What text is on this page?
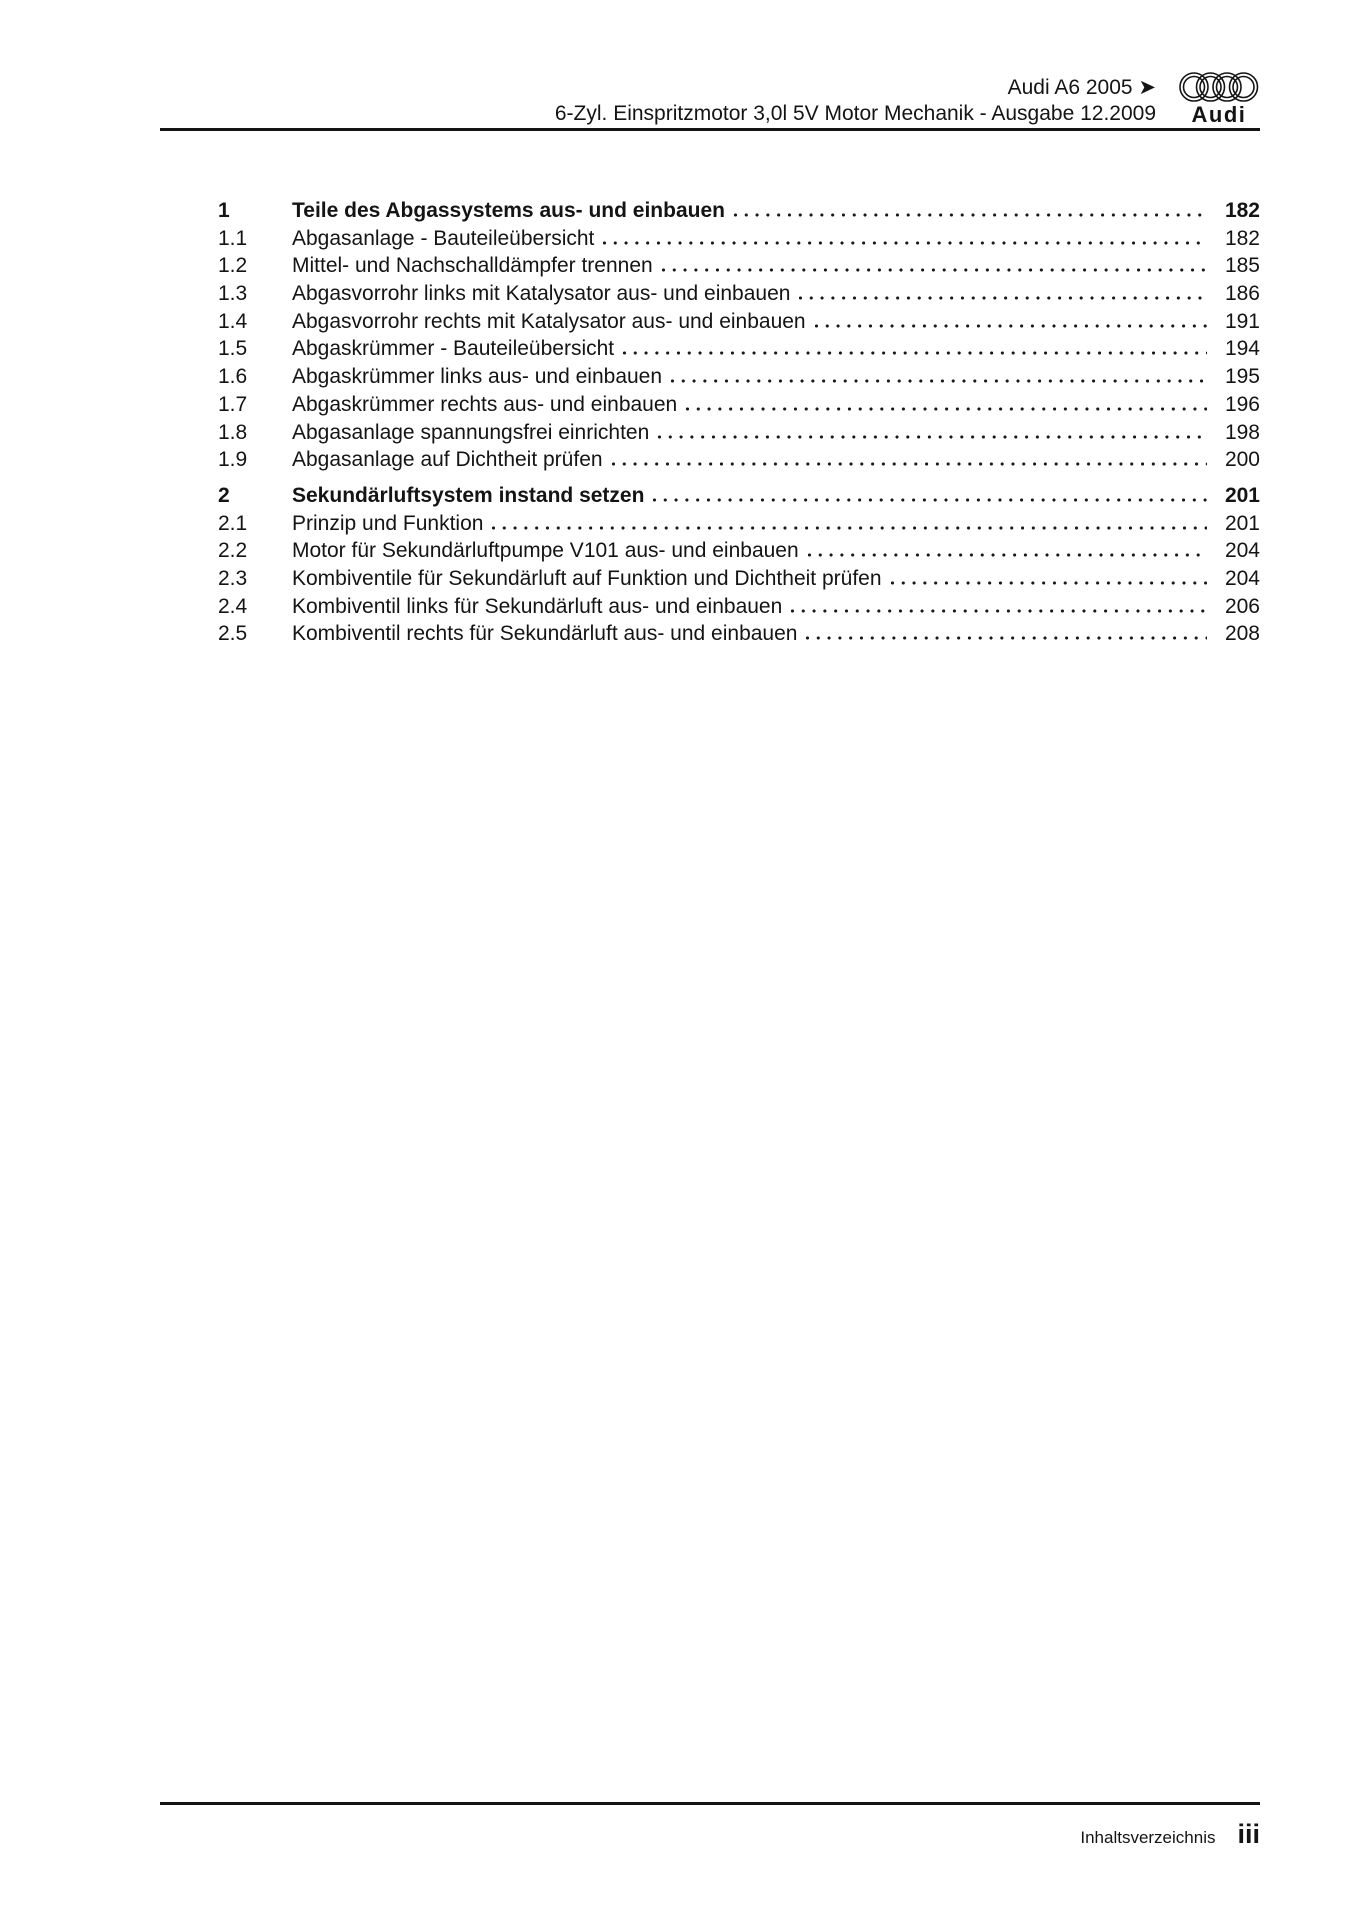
Audi A6 2005 ➤
6-Zyl. Einspritzmotor 3,0l 5V Motor Mechanik - Ausgabe 12.2009 Audi
1	Teile des Abgassystems aus- und einbauen	182
1.1	Abgasanlage - Bauteileübersicht	182
1.2	Mittel- und Nachschalldämpfer trennen	185
1.3	Abgasvorrohr links mit Katalysator aus- und einbauen	186
1.4	Abgasvorrohr rechts mit Katalysator aus- und einbauen	191
1.5	Abgaskrümmer - Bauteileübersicht	194
1.6	Abgaskrümmer links aus- und einbauen	195
1.7	Abgaskrümmer rechts aus- und einbauen	196
1.8	Abgasanlage spannungsfrei einrichten	198
1.9	Abgasanlage auf Dichtheit prüfen	200
2	Sekundärluftsystem instand setzen	201
2.1	Prinzip und Funktion	201
2.2	Motor für Sekundärluftpumpe V101 aus- und einbauen	204
2.3	Kombiventile für Sekundärluft auf Funktion und Dichtheit prüfen	204
2.4	Kombiventil links für Sekundärluft aus- und einbauen	206
2.5	Kombiventil rechts für Sekundärluft aus- und einbauen	208
Inhaltsverzeichnis iii
